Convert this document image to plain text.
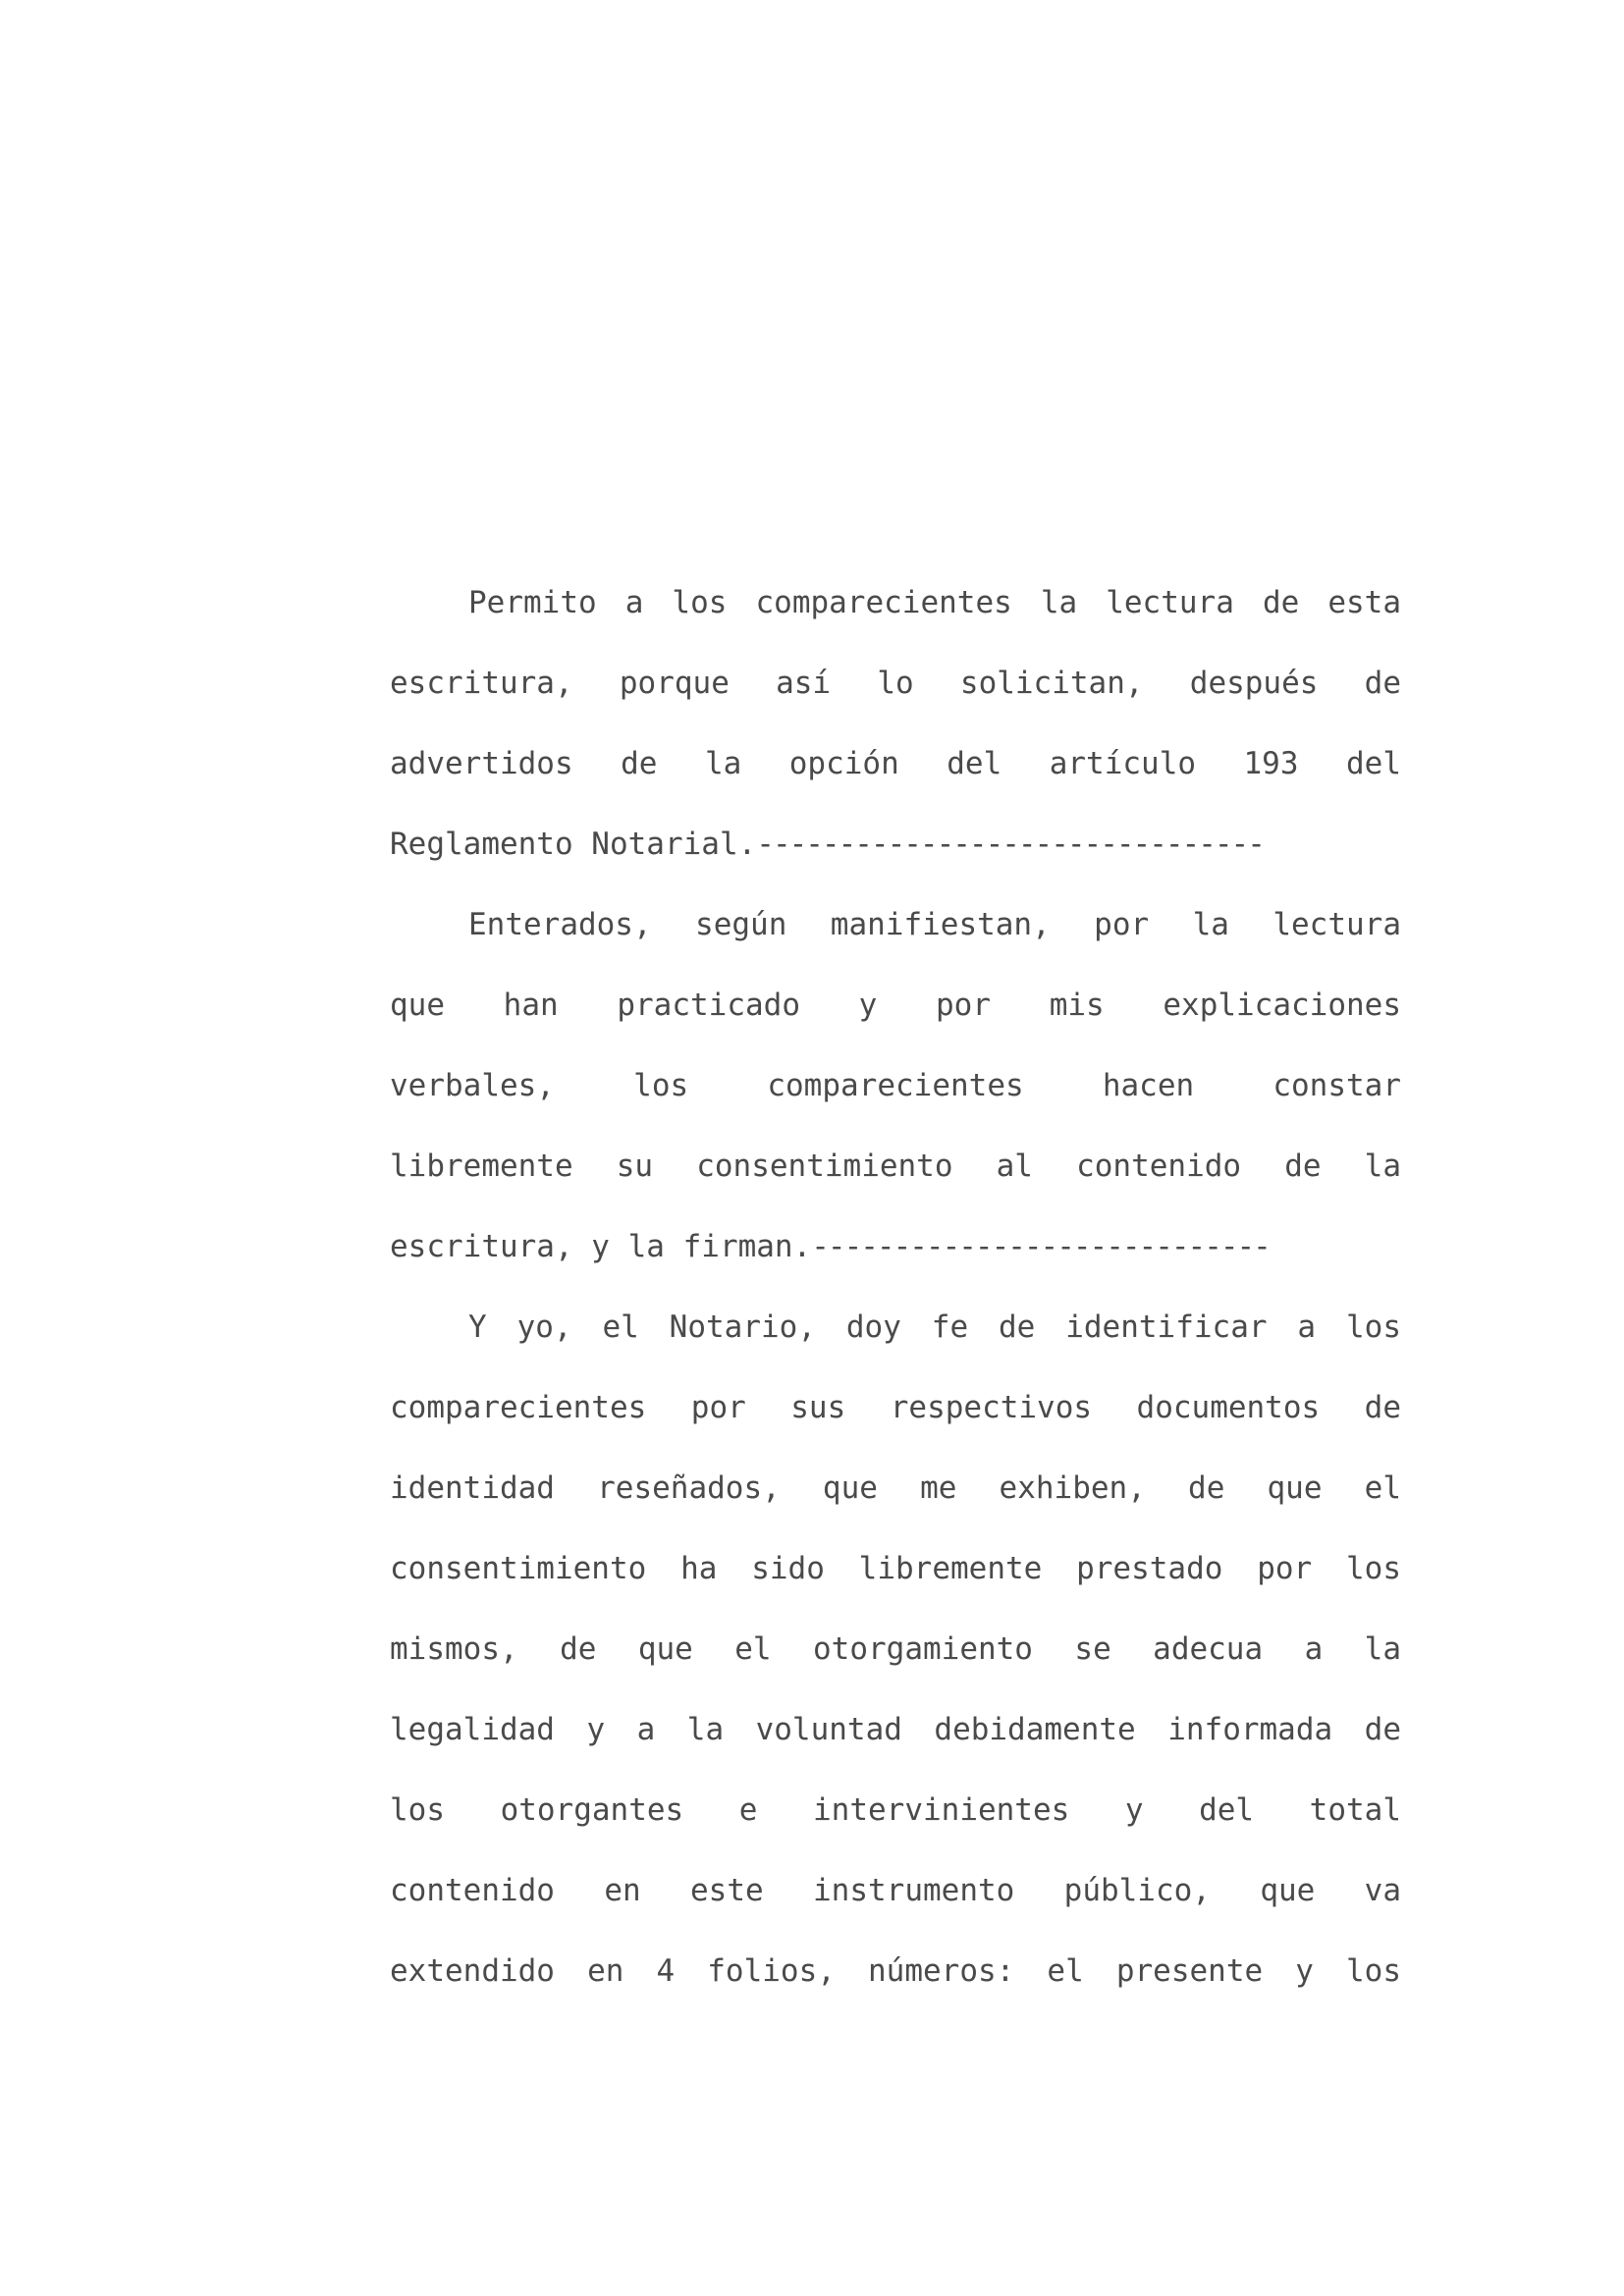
Permito a los comparecientes la lectura de esta
escritura, porque así lo solicitan, después de
advertidos de la opción del artículo 193 del
Reglamento Notarial.-------------------------------
Enterados, según manifiestan, por la lectura
que han practicado y por mis explicaciones
verbales, los comparecientes hacen constar
libremente su consentimiento al contenido de la
escritura, y la firman.----------------------------
Y yo, el Notario, doy fe de identificar a los
comparecientes por sus respectivos documentos de
identidad reseñados, que me exhiben, de que el
consentimiento ha sido libremente prestado por los
mismos, de que el otorgamiento se adecua a la
legalidad y a la voluntad debidamente informada de
los otorgantes e intervinientes y del total
contenido en este instrumento público, que va
extendido en 4 folios, números: el presente y los
